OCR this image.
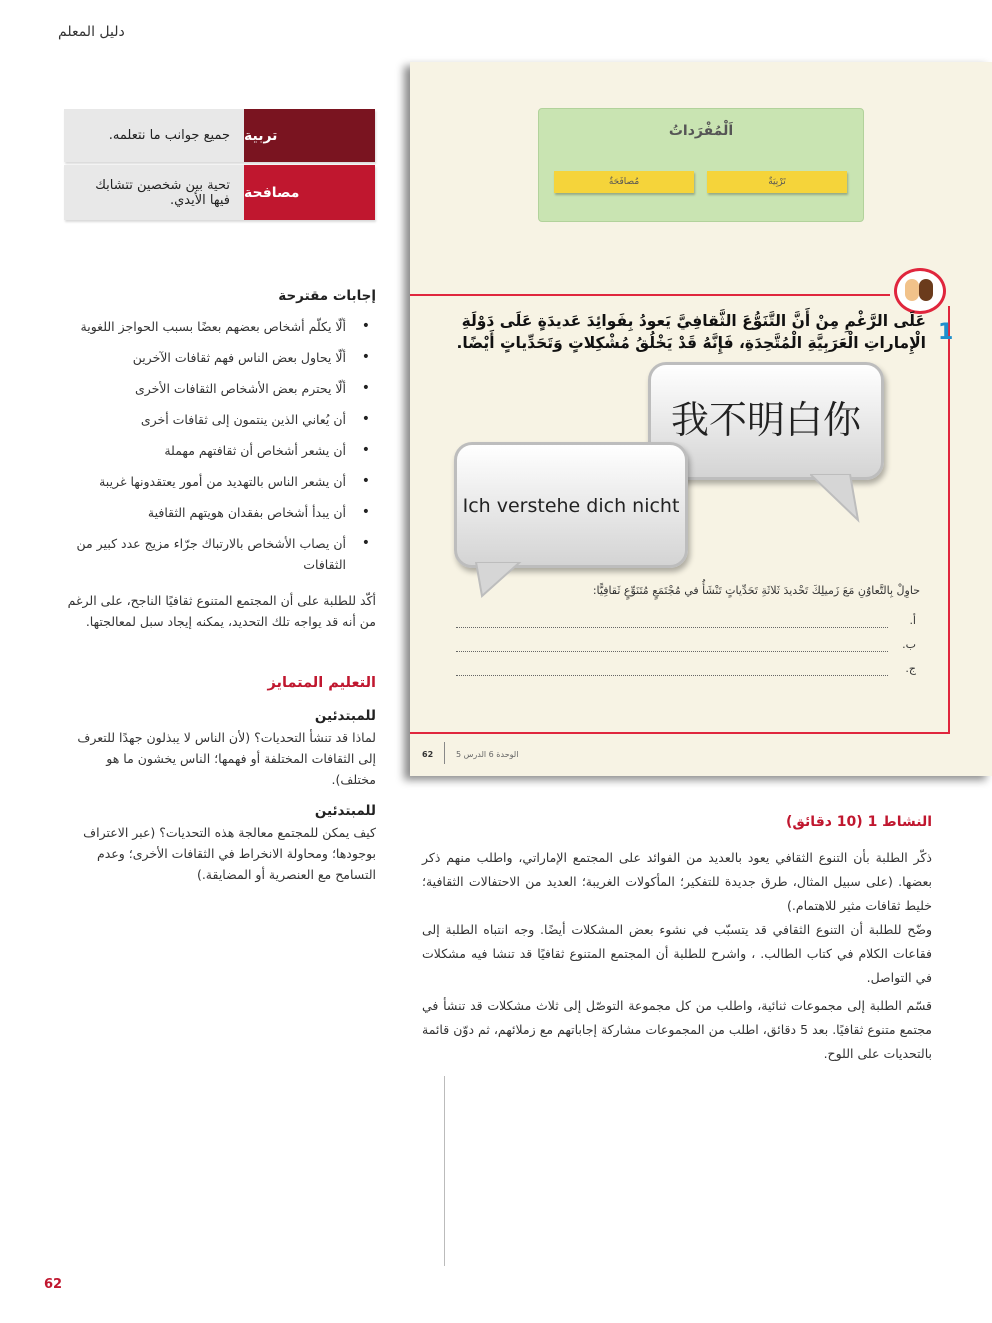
دليل المعلم
تربية
جميع جوانب ما نتعلمه.
مصافحة
تحية بين شخصين تتشابك فيها الأيدي.
إجابات مقترحة
• ألّا يكلّم أشخاص بعضهم بعضًا بسبب الحواجز اللغوية
• ألّا يحاول بعض الناس فهم ثقافات الآخرين
• ألّا يحترم بعض الأشخاص الثقافات الأخرى
• أن يُعاني الذين ينتمون إلى ثقافات أخرى
• أن يشعر أشخاص أن ثقافتهم مهملة
• أن يشعر الناس بالتهديد من أمور يعتقدونها غريبة
• أن يبدأ أشخاص بفقدان هويتهم الثقافية
• أن يصاب الأشخاص بالارتباك جرّاء مزيج عدد كبير من الثقافات
أكّد للطلبة على أن المجتمع المتنوع ثقافيًا الناجح، على الرغم من أنه قد يواجه تلك التحديد، يمكنه إيجاد سبل لمعالجتها.
التعليم المتمايز
للمبتدئين
لماذا قد تنشأ التحديات؟ (لأن الناس لا يبذلون جهدًا للتعرف إلى الثقافات المختلفة أو فهمها؛ الناس يخشون ما هو مختلف).
للمبتدئين
كيف يمكن للمجتمع معالجة هذه التحديات؟ (عبر الاعتراف بوجودها؛ ومحاولة الانخراط في الثقافات الأخرى؛ وعدم التسامح مع العنصرية أو المضايقة.)
اَلْمُفْرَداتُ
تَرْبِيَةٌ
مُصافَحَةٌ
1
عَلَى الرَّغْمِ مِنْ أَنَّ التَّنَوُّعَ الثَّقافِيَّ يَعودُ بِفَوائِدَ عَديدَةٍ عَلَى دَوْلَةِ الْإِماراتِ الْعَرَبِيَّةِ الْمُتَّحِدَةِ، فَإِنَّهُ قَدْ يَخْلُقُ مُشْكِلاتٍ وَتَحَدِّياتٍ أَيْضًا.
我不明白你
Ich verstehe dich nicht
حاوِلْ بِالتَّعاوُنِ مَعَ زَميلِكَ تَحْديدَ ثَلاثَةِ تَحَدِّياتٍ تَنْشَأُ في مُجْتَمَعٍ مُتَنَوِّعٍ ثَقافِيًّا:
أ.
ب.
ج.
62	الوحدة 6 الدرس 5
النشاط 1 (10 دقائق)
ذكّر الطلبة بأن التنوع الثقافي يعود بالعديد من الفوائد على المجتمع الإماراتي، واطلب منهم ذكر بعضها. (على سبيل المثال، طرق جديدة للتفكير؛ المأكولات الغريبة؛ العديد من الاحتفالات الثقافية؛ خليط ثقافات مثير للاهتمام.)
وضّح للطلبة أن التنوع الثقافي قد يتسبّب في نشوء بعض المشكلات أيضًا. وجه انتباه الطلبة إلى فقاعات الكلام في كتاب الطالب. ، واشرح للطلبة أن المجتمع المتنوع ثقافيًا قد تنشا فيه مشكلات في التواصل.
قسّم الطلبة إلى مجموعات ثنائية، واطلب من كل مجموعة التوصّل إلى ثلاث مشكلات قد تنشأ في مجتمع متنوع ثقافيًا. بعد 5 دقائق، اطلب من المجموعات مشاركة إجاباتهم مع زملائهم، ثم دوّن قائمة بالتحديات على اللوح.
62
